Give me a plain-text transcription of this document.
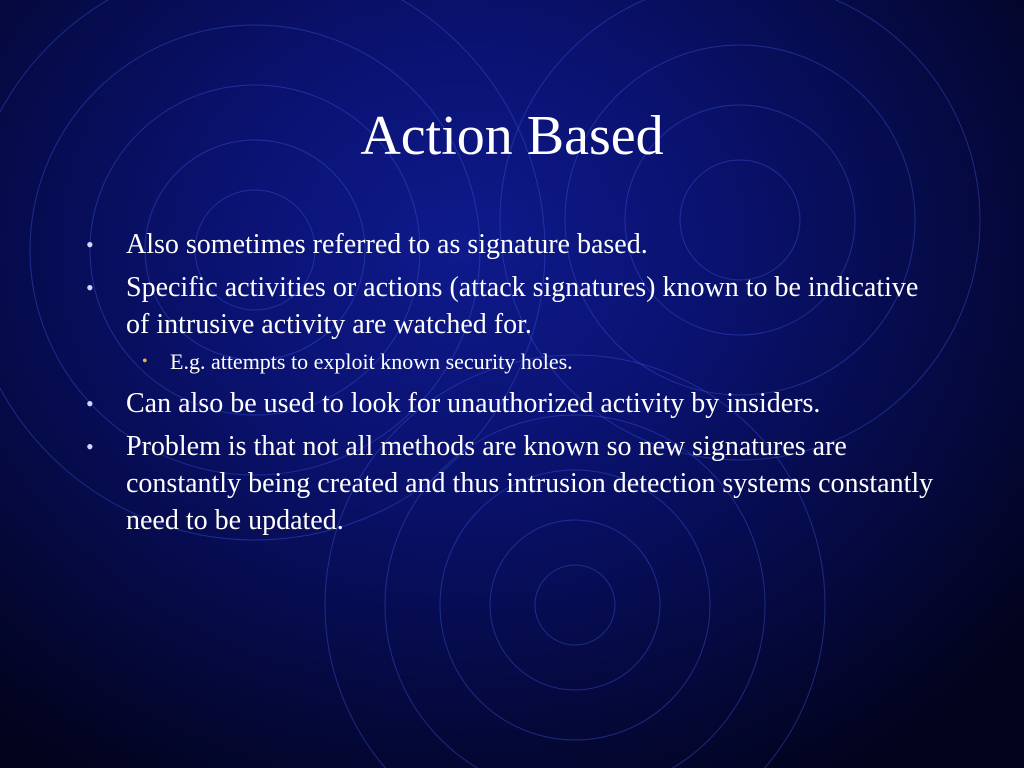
Action Based
• Also sometimes referred to as signature based.
• Specific activities or actions (attack signatures) known to be indicative of intrusive activity are watched for.
• E.g. attempts to exploit known security holes.
• Can also be used to look for unauthorized activity by insiders.
• Problem is that not all methods are known so new signatures are constantly being created and thus intrusion detection systems constantly need to be updated.
